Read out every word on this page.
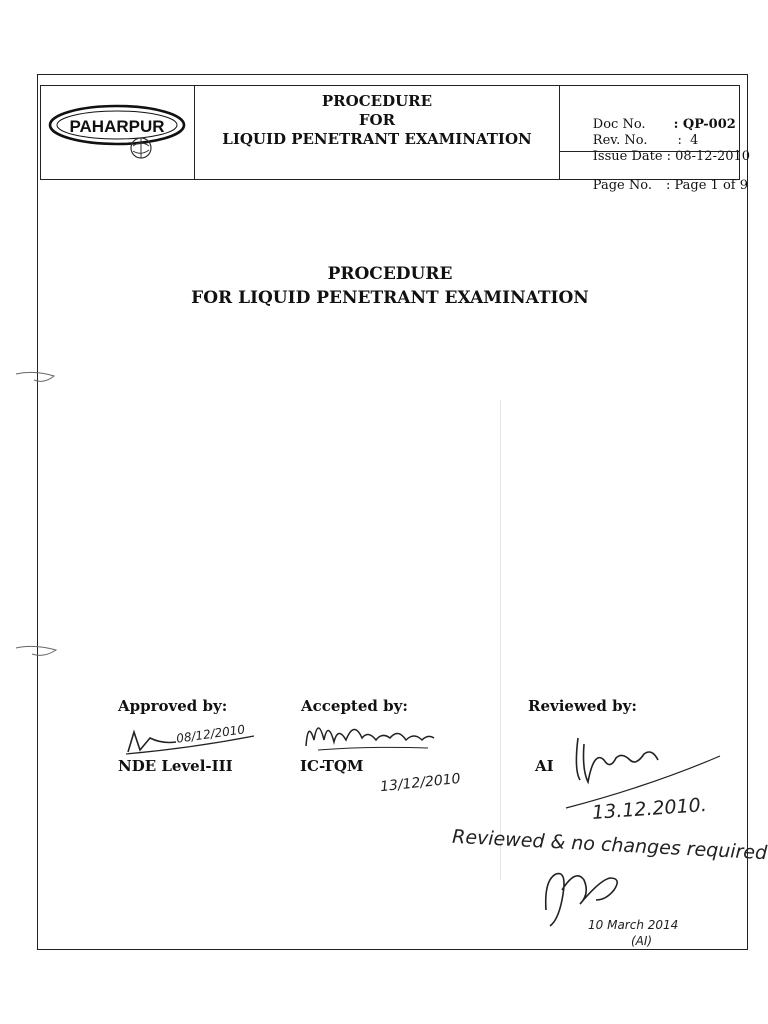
PAHARPUR
PROCEDURE
FOR
LIQUID PENETRANT EXAMINATION

Doc No. : QP-002

Rev. No. :  4

Issue Date : 08-12-2010

Page No. : Page 1 of 9

PROCEDURE
FOR LIQUID PENETRANT EXAMINATION
Approved by:	Accepted by:	Reviewed by:
NDE Level-III	IC-TQM	AI
08/12/2010
13/12/2010
13.12.2010.
Reviewed & no changes required
10 March 2014
(AI)
